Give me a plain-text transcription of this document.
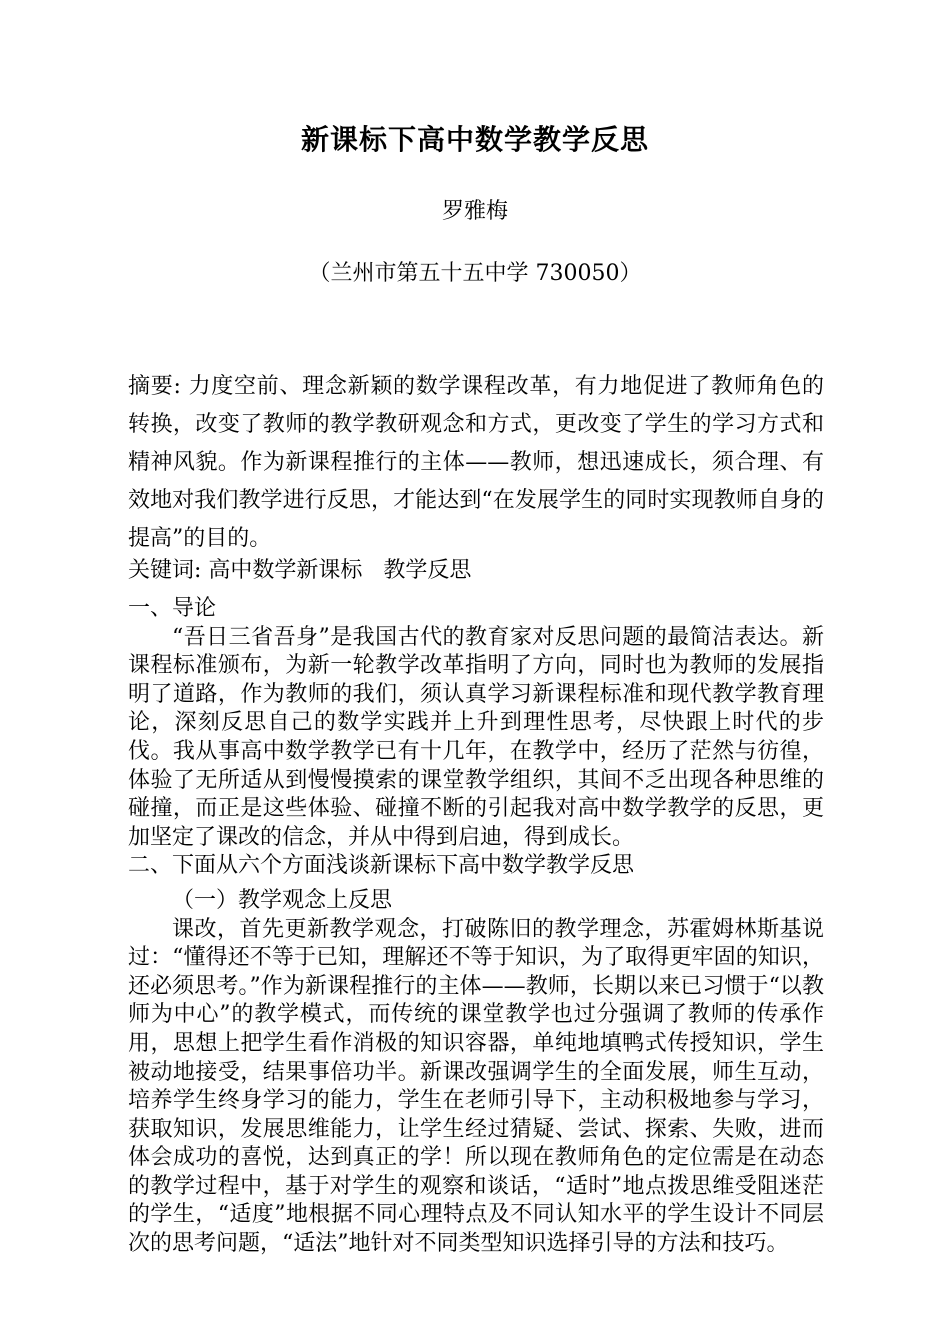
新课标下高中数学教学反思
罗雅梅
（兰州市第五十五中学 730050）
摘要: 力度空前、理念新颖的数学课程改革，有力地促进了教师角色的转换，改变了教师的教学教研观念和方式，更改变了学生的学习方式和精神风貌。作为新课程推行的主体——教师，想迅速成长，须合理、有效地对我们教学进行反思，才能达到“在发展学生的同时实现教师自身的提高”的目的。
关键词: 高中数学新课标   教学反思

一、导论

“吾日三省吾身”是我国古代的教育家对反思问题的最简洁表达。新课程标准颁布，为新一轮教学改革指明了方向，同时也为教师的发展指明了道路，作为教师的我们，须认真学习新课程标准和现代教学教育理论，深刻反思自己的数学实践并上升到理性思考，尽快跟上时代的步伐。我从事高中数学教学已有十几年，在教学中，经历了茫然与彷徨，体验了无所适从到慢慢摸索的课堂教学组织，其间不乏出现各种思维的碰撞，而正是这些体验、碰撞不断的引起我对高中数学教学的反思，更加坚定了课改的信念，并从中得到启迪，得到成长。

二、下面从六个方面浅谈新课标下高中数学教学反思

（一）教学观念上反思

课改，首先更新教学观念，打破陈旧的教学理念，苏霍姆林斯基说过：“懂得还不等于已知，理解还不等于知识，为了取得更牢固的知识，还必须思考。”作为新课程推行的主体——教师，长期以来已习惯于“以教师为中心”的教学模式，而传统的课堂教学也过分强调了教师的传承作用，思想上把学生看作消极的知识容器，单纯地填鸭式传授知识，学生被动地接受，结果事倍功半。新课改强调学生的全面发展，师生互动，培养学生终身学习的能力，学生在老师引导下，主动积极地参与学习，获取知识，发展思维能力，让学生经过猜疑、尝试、探索、失败，进而体会成功的喜悦，达到真正的学！所以现在教师角色的定位需是在动态的教学过程中，基于对学生的观察和谈话，“适时”地点拨思维受阻迷茫的学生，“适度”地根据不同心理特点及不同认知水平的学生设计不同层次的思考问题，“适法”地针对不同类型知识选择引导的方法和技巧。
